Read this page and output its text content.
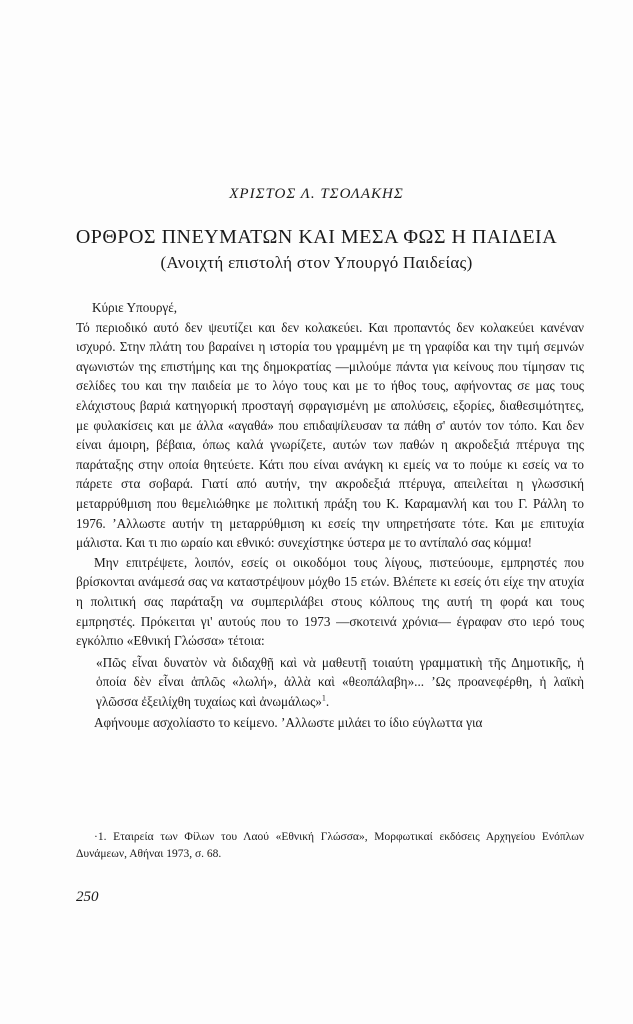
ΧΡΙΣΤΟΣ Λ. ΤΣΟΛΑΚΗΣ
ΟΡΘΡΟΣ ΠΝΕΥΜΑΤΩΝ ΚΑΙ ΜΕΣΑ ΦΩΣ Η ΠΑΙΔΕΙΑ
(Ανοιχτή επιστολή στον Υπουργό Παιδείας)

Κύριε Υπουργέ,

Τό περιοδικό αυτό δεν ψευτίζει και δεν κολακεύει. Και προπαντός δεν κολακεύει κανέναν ισχυρό. Στην πλάτη του βαραίνει η ιστορία του γραμμένη με τη γραφίδα και την τιμή σεμνών αγωνιστών της επιστήμης και της δημοκρατίας —μιλούμε πάντα για κείνους που τίμησαν τις σελίδες του και την παιδεία με το λόγο τους και με το ήθος τους, αφήνοντας σε μας τους ελάχιστους βαριά κατηγορική προσταγή σφραγισμένη με απολύσεις, εξορίες, διαθεσιμότητες, με φυλακίσεις και με άλλα «αγαθά» που επιδαψίλευσαν τα πάθη σ' αυτόν τον τόπο. Και δεν είναι άμοιρη, βέβαια, όπως καλά γνωρίζετε, αυτών των παθών η ακροδεξιά πτέρυγα της παράταξης στην οποία θητεύετε. Κάτι που είναι ανάγκη κι εμείς να το πούμε κι εσείς να το πάρετε στα σοβαρά. Γιατί από αυτήν, την ακροδεξιά πτέρυγα, απειλείται η γλωσσική μεταρρύθμιση που θεμελιώθηκε με πολιτική πράξη του Κ. Καραμανλή και του Γ. Ράλλη το 1976. ’Αλλωστε αυτήν τη μεταρρύθμιση κι εσείς την υπηρετήσατε τότε. Και με επιτυχία μάλιστα. Και τι πιο ωραίο και εθνικό: συνεχίστηκε ύστερα με το αντίπαλό σας κόμμα!

Μην επιτρέψετε, λοιπόν, εσείς οι οικοδόμοι τους λίγους, πιστεύουμε, εμπρηστές που βρίσκονται ανάμεσά σας να καταστρέψουν μόχθο 15 ετών. Βλέπετε κι εσείς ότι είχε την ατυχία η πολιτική σας παράταξη να συμπεριλάβει στους κόλπους της αυτή τη φορά και τους εμπρηστές. Πρόκειται γι' αυτούς που το 1973 —σκοτεινά χρόνια— έγραφαν στο ιερό τους εγκόλπιο «Εθνική Γλώσσα» τέτοια:

«Πῶς εἶναι δυνατὸν νὰ διδαχθῇ καὶ νὰ μαθευτῇ τοιαύτη γραμματικὴ τῆς Δημοτικῆς, ἡ ὁποία δὲν εἶναι ἁπλῶς «λωλή», ἀλλὰ καὶ «θεοπάλαβη»... ’Ως προανεφέρθη, ἡ λαϊκὴ γλῶσσα ἐξειλίχθη τυχαίως καὶ ἀνωμάλως»$^1$.

Αφήνουμε ασχολίαστο το κείμενο. ’Αλλωστε μιλάει το ίδιο εύγλωττα για

·1. Εταιρεία των Φίλων του Λαού «Εθνική Γλώσσα», Μορφωτικαί εκδόσεις Αρχηγείου Ενόπλων Δυνάμεων, Αθήναι 1973, σ. 68.
250
